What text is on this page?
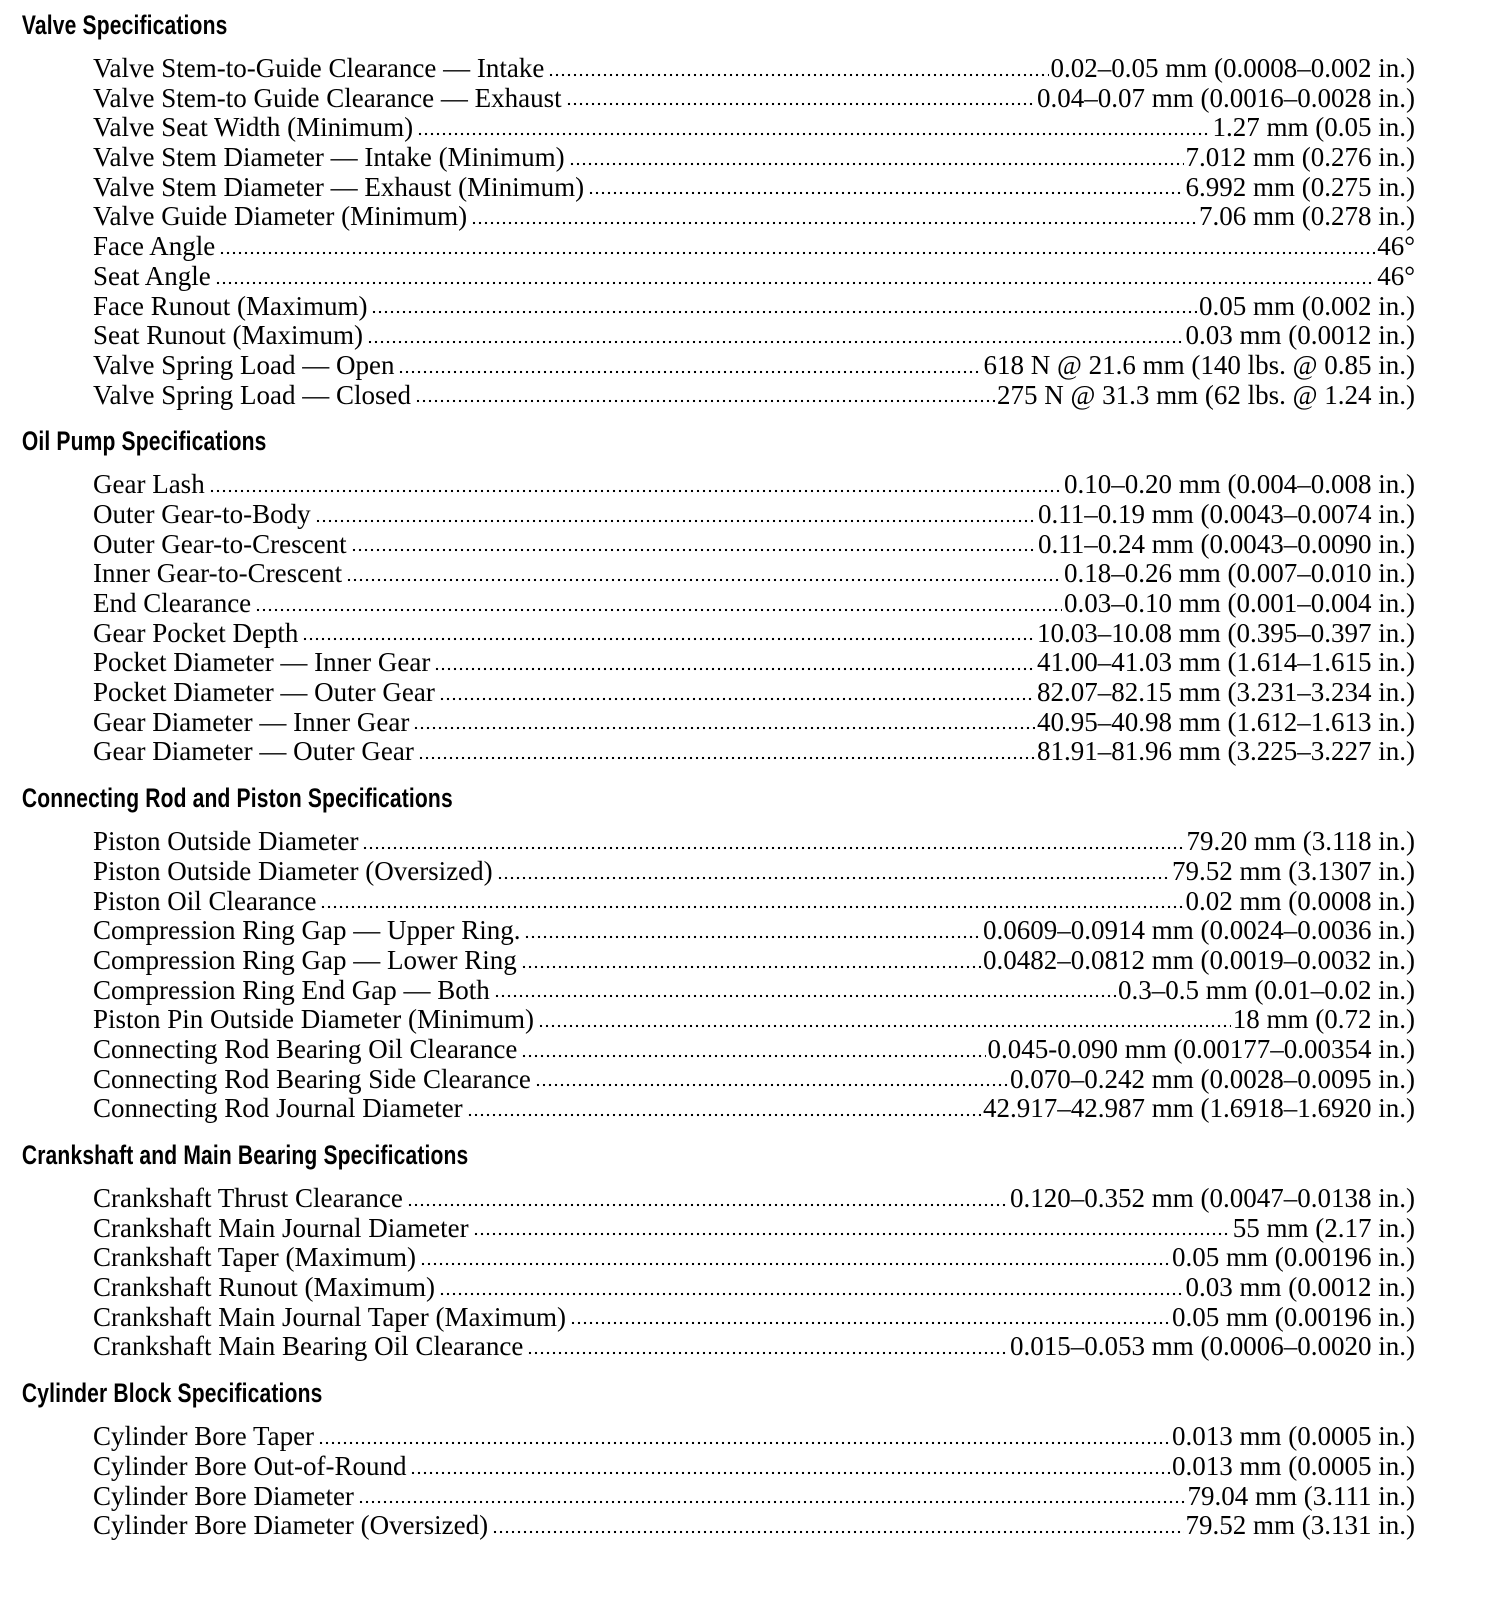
Valve Specifications
Valve Stem-to-Guide Clearance — Intake	0.02–0.05 mm (0.0008–0.002 in.)
Valve Stem-to Guide Clearance — Exhaust	0.04–0.07 mm (0.0016–0.0028 in.)
Valve Seat Width (Minimum)	1.27 mm (0.05 in.)
Valve Stem Diameter — Intake (Minimum)	7.012 mm (0.276 in.)
Valve Stem Diameter — Exhaust (Minimum)	6.992 mm (0.275 in.)
Valve Guide Diameter (Minimum)	7.06 mm (0.278 in.)
Face Angle	46°
Seat Angle	46°
Face Runout (Maximum)	0.05 mm (0.002 in.)
Seat Runout (Maximum)	0.03 mm (0.0012 in.)
Valve Spring Load — Open	618 N @ 21.6 mm (140 lbs. @ 0.85 in.)
Valve Spring Load — Closed	275 N @ 31.3 mm (62 lbs. @ 1.24 in.)
Oil Pump Specifications
Gear Lash	0.10–0.20 mm (0.004–0.008 in.)
Outer Gear-to-Body	0.11–0.19 mm (0.0043–0.0074 in.)
Outer Gear-to-Crescent	0.11–0.24 mm (0.0043–0.0090 in.)
Inner Gear-to-Crescent	0.18–0.26 mm (0.007–0.010 in.)
End Clearance	0.03–0.10 mm (0.001–0.004 in.)
Gear Pocket Depth	10.03–10.08 mm (0.395–0.397 in.)
Pocket Diameter — Inner Gear	41.00–41.03 mm (1.614–1.615 in.)
Pocket Diameter — Outer Gear	82.07–82.15 mm (3.231–3.234 in.)
Gear Diameter — Inner Gear	40.95–40.98 mm (1.612–1.613 in.)
Gear Diameter — Outer Gear	81.91–81.96 mm (3.225–3.227 in.)
Connecting Rod and Piston Specifications
Piston Outside Diameter	79.20 mm (3.118 in.)
Piston Outside Diameter (Oversized)	79.52 mm (3.1307 in.)
Piston Oil Clearance	0.02 mm (0.0008 in.)
Compression Ring Gap — Upper Ring.	0.0609–0.0914 mm (0.0024–0.0036 in.)
Compression Ring Gap — Lower Ring	0.0482–0.0812 mm (0.0019–0.0032 in.)
Compression Ring End Gap — Both	0.3–0.5 mm (0.01–0.02 in.)
Piston Pin Outside Diameter (Minimum)	18 mm (0.72 in.)
Connecting Rod Bearing Oil Clearance	0.045-0.090 mm (0.00177–0.00354 in.)
Connecting Rod Bearing Side Clearance	0.070–0.242 mm (0.0028–0.0095 in.)
Connecting Rod Journal Diameter	42.917–42.987 mm (1.6918–1.6920 in.)
Crankshaft and Main Bearing Specifications
Crankshaft Thrust Clearance	0.120–0.352 mm (0.0047–0.0138 in.)
Crankshaft Main Journal Diameter	55 mm (2.17 in.)
Crankshaft Taper (Maximum)	0.05 mm (0.00196 in.)
Crankshaft Runout (Maximum)	0.03 mm (0.0012 in.)
Crankshaft Main Journal Taper (Maximum)	0.05 mm (0.00196 in.)
Crankshaft Main Bearing Oil Clearance	0.015–0.053 mm (0.0006–0.0020 in.)
Cylinder Block Specifications
Cylinder Bore Taper	0.013 mm (0.0005 in.)
Cylinder Bore Out-of-Round	0.013 mm (0.0005 in.)
Cylinder Bore Diameter	79.04 mm (3.111 in.)
Cylinder Bore Diameter (Oversized)	79.52 mm (3.131 in.)
